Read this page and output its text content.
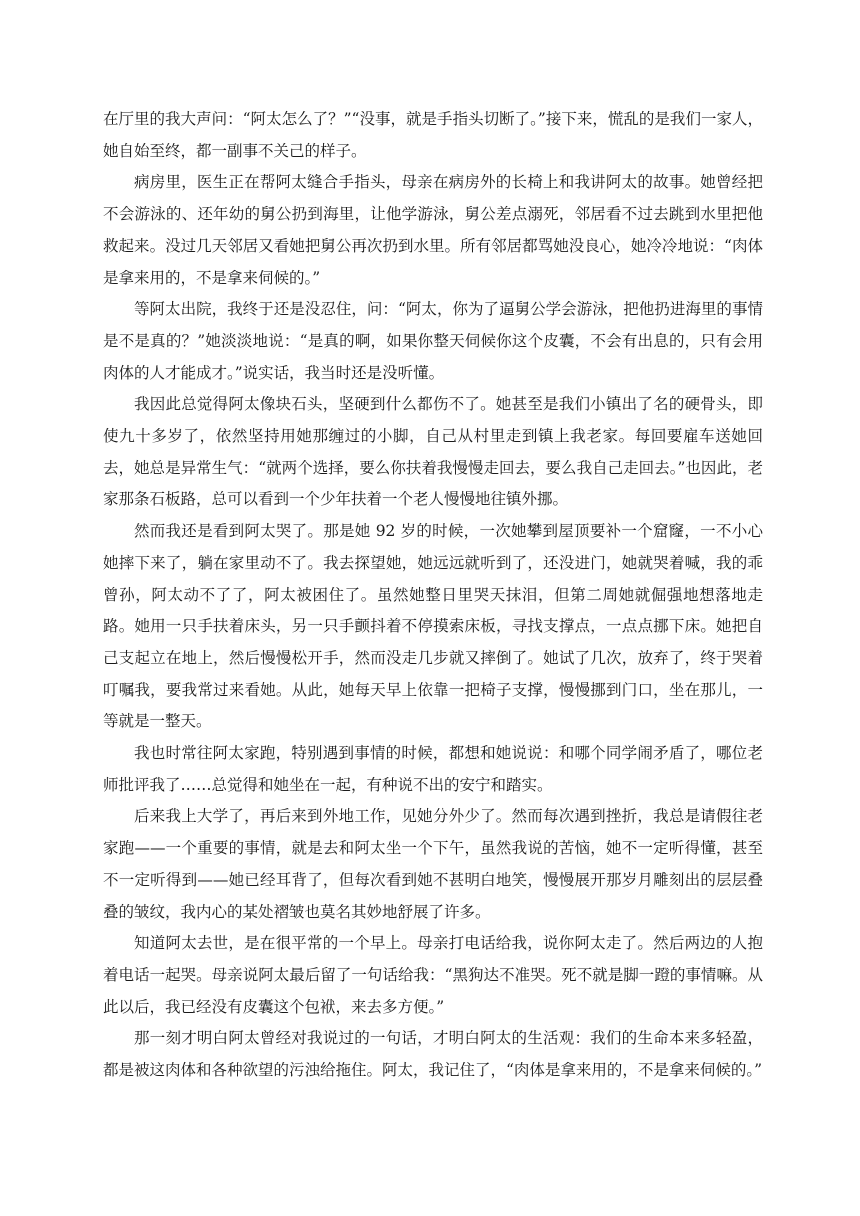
在厅里的我大声问：“阿太怎么了？”“没事，就是手指头切断了。”接下来，慌乱的是我们一家人，她自始至终，都一副事不关己的样子。

病房里，医生正在帮阿太缝合手指头，母亲在病房外的长椅上和我讲阿太的故事。她曾经把不会游泳的、还年幼的舅公扔到海里，让他学游泳，舅公差点溺死，邻居看不过去跳到水里把他救起来。没过几天邻居又看她把舅公再次扔到水里。所有邻居都骂她没良心，她冷冷地说：“肉体是拿来用的，不是拿来伺候的。”

等阿太出院，我终于还是没忍住，问：“阿太，你为了逼舅公学会游泳，把他扔进海里的事情是不是真的？”她淡淡地说：“是真的啊，如果你整天伺候你这个皮囊，不会有出息的，只有会用肉体的人才能成才。”说实话，我当时还是没听懂。

我因此总觉得阿太像块石头，坚硬到什么都伤不了。她甚至是我们小镇出了名的硬骨头，即使九十多岁了，依然坚持用她那缠过的小脚，自己从村里走到镇上我老家。每回要雇车送她回去，她总是异常生气：“就两个选择，要么你扶着我慢慢走回去，要么我自己走回去。”也因此，老家那条石板路，总可以看到一个少年扶着一个老人慢慢地往镇外挪。

然而我还是看到阿太哭了。那是她 92 岁的时候，一次她攀到屋顶要补一个窟窿，一不小心她摔下来了，躺在家里动不了。我去探望她，她远远就听到了，还没进门，她就哭着喊，我的乖曾孙，阿太动不了了，阿太被困住了。虽然她整日里哭天抹泪，但第二周她就倔强地想落地走路。她用一只手扶着床头，另一只手颤抖着不停摸索床板，寻找支撑点，一点点挪下床。她把自己支起立在地上，然后慢慢松开手，然而没走几步就又摔倒了。她试了几次，放弃了，终于哭着叮嘱我，要我常过来看她。从此，她每天早上依靠一把椅子支撑，慢慢挪到门口，坐在那儿，一等就是一整天。

我也时常往阿太家跑，特别遇到事情的时候，都想和她说说：和哪个同学闹矛盾了，哪位老师批评我了……总觉得和她坐在一起，有种说不出的安宁和踏实。

后来我上大学了，再后来到外地工作，见她分外少了。然而每次遇到挫折，我总是请假往老家跑——一个重要的事情，就是去和阿太坐一个下午，虽然我说的苦恼，她不一定听得懂，甚至不一定听得到——她已经耳背了，但每次看到她不甚明白地笑，慢慢展开那岁月雕刻出的层层叠叠的皱纹，我内心的某处褶皱也莫名其妙地舒展了许多。

知道阿太去世，是在很平常的一个早上。母亲打电话给我，说你阿太走了。然后两边的人抱着电话一起哭。母亲说阿太最后留了一句话给我：“黑狗达不准哭。死不就是脚一蹬的事情嘛。从此以后，我已经没有皮囊这个包袱，来去多方便。”

那一刻才明白阿太曾经对我说过的一句话，才明白阿太的生活观：我们的生命本来多轻盈，都是被这肉体和各种欲望的污浊给拖住。阿太，我记住了，“肉体是拿来用的，不是拿来伺候的。”
